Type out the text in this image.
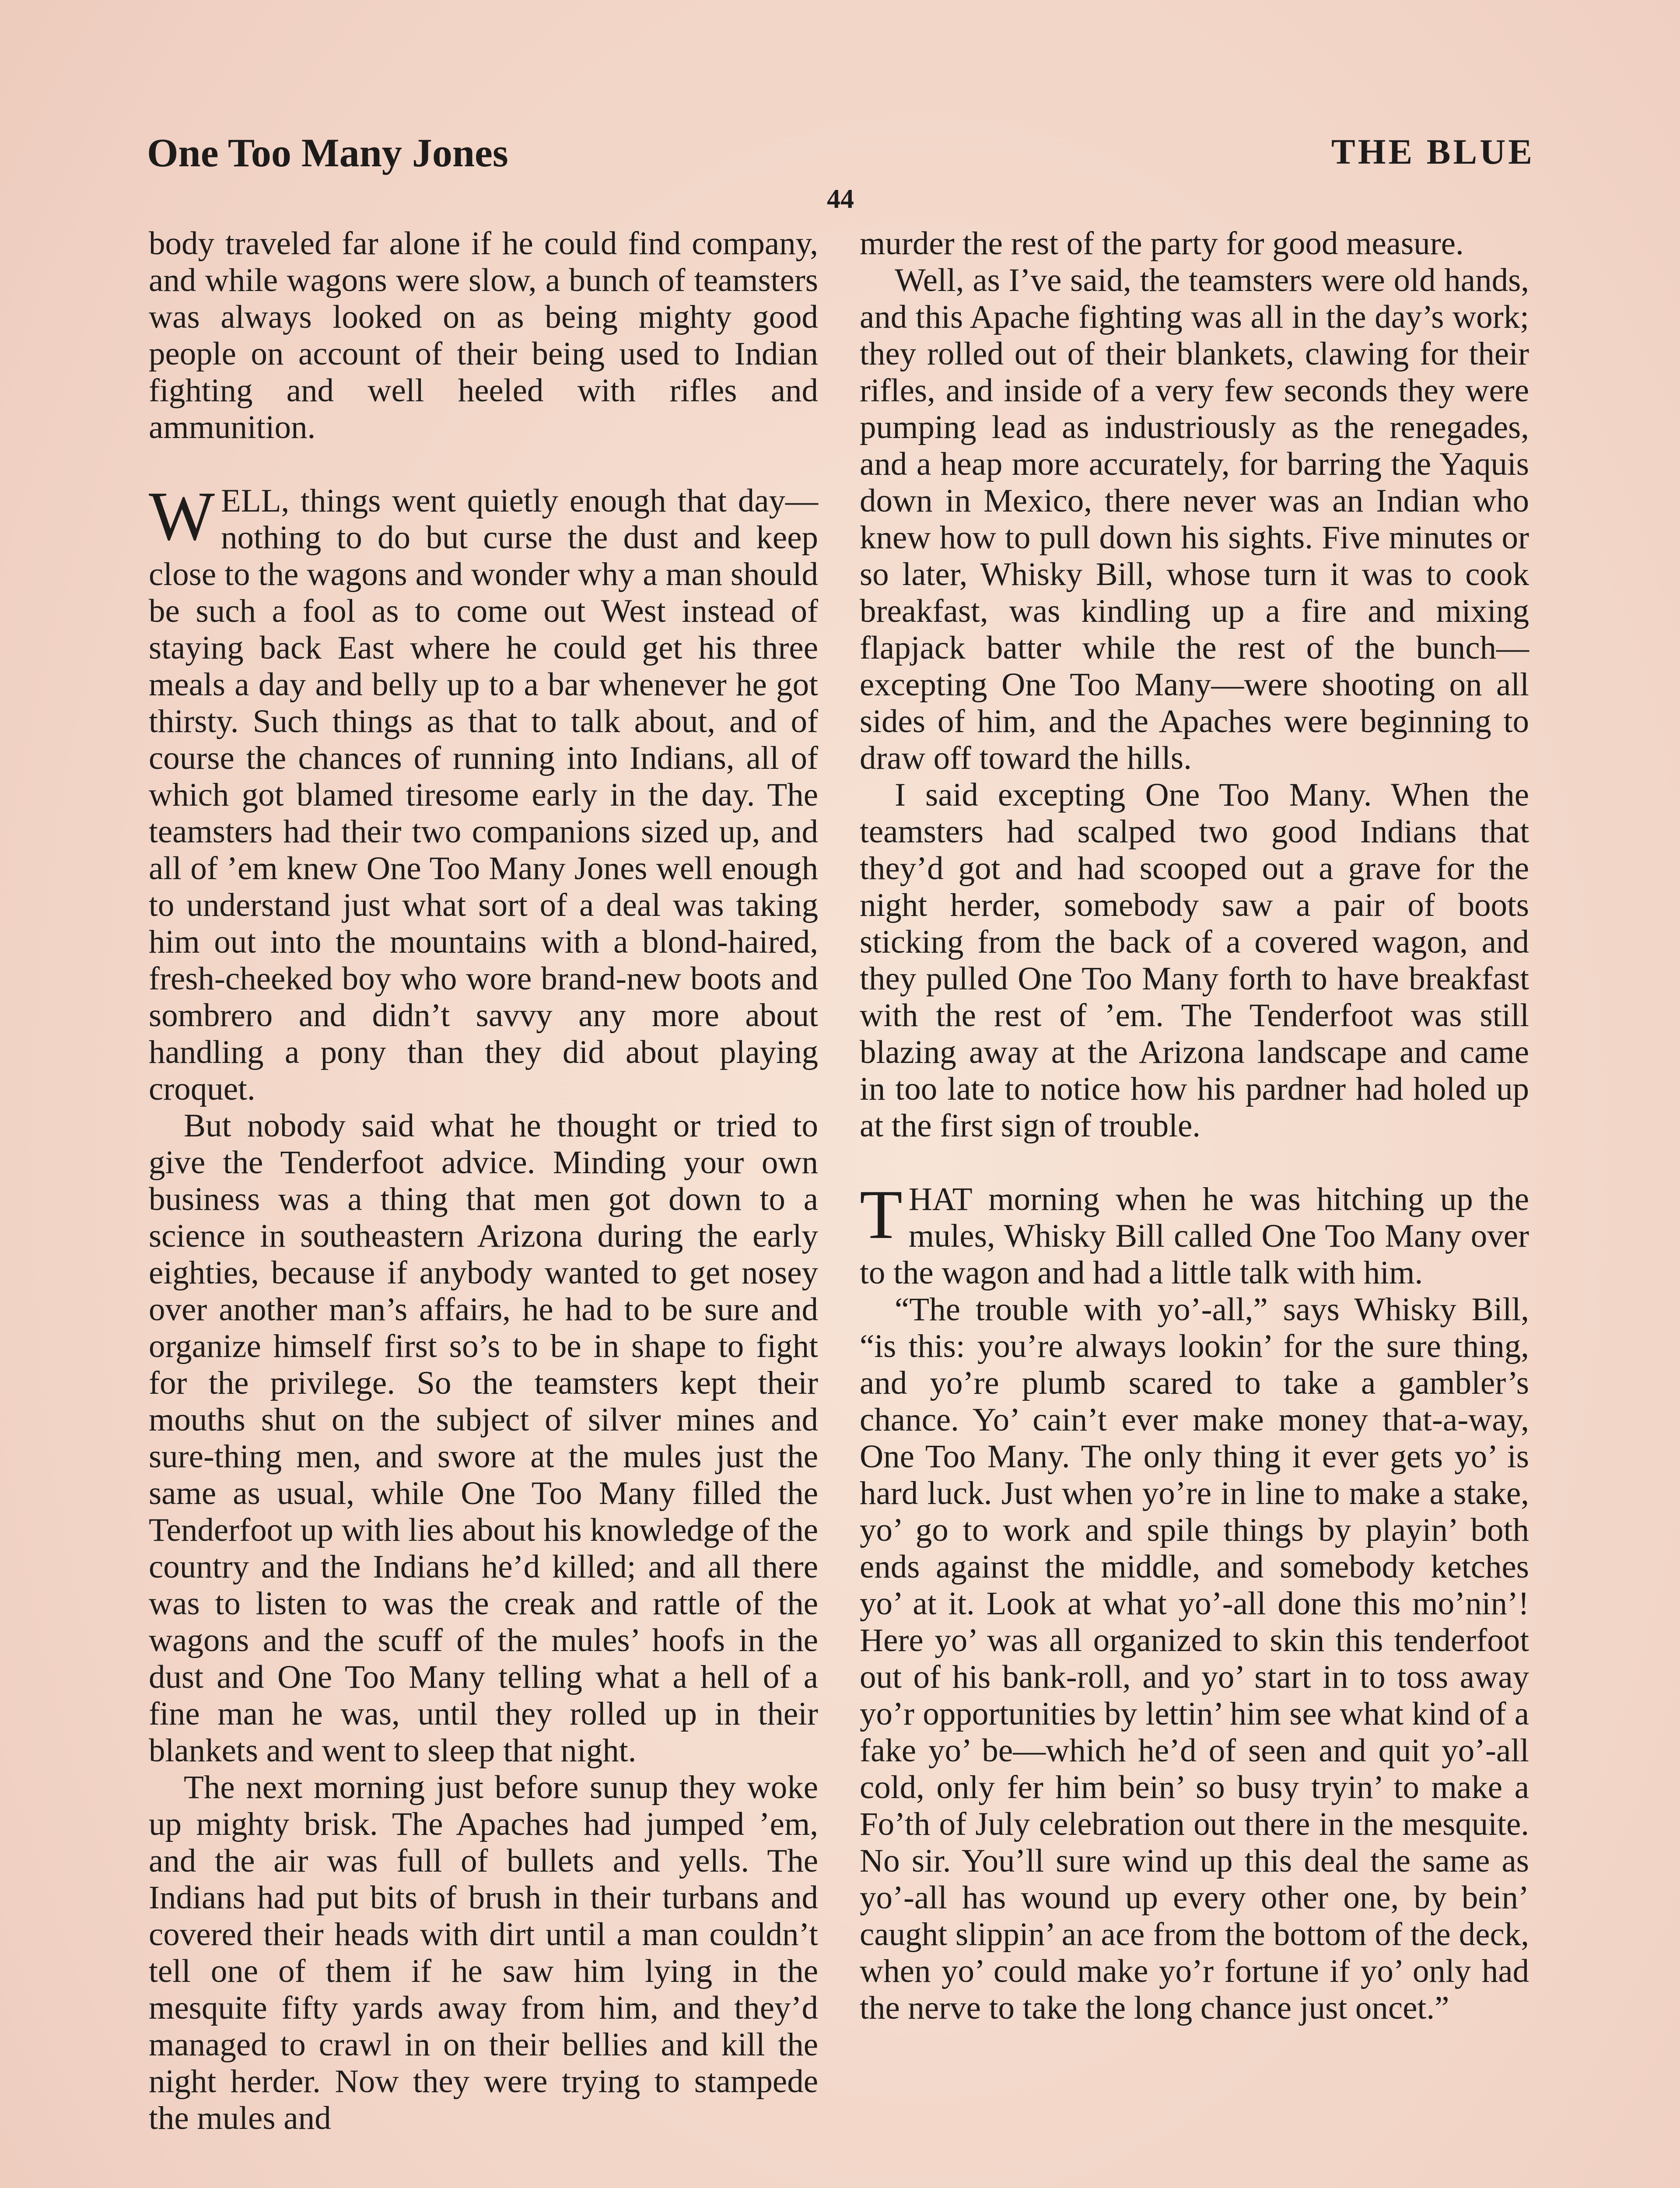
One Too Many Jones	THE BLUE
44

body traveled far alone if he could find company, and while wagons were slow, a bunch of teamsters was always looked on as being mighty good people on account of their being used to Indian fighting and well heeled with rifles and ammunition.

WELL, things went quietly enough that day—nothing to do but curse the dust and keep close to the wagons and wonder why a man should be such a fool as to come out West instead of staying back East where he could get his three meals a day and belly up to a bar whenever he got thirsty. Such things as that to talk about, and of course the chances of running into Indians, all of which got blamed tiresome early in the day. The teamsters had their two companions sized up, and all of ’em knew One Too Many Jones well enough to understand just what sort of a deal was taking him out into the mountains with a blond-haired, fresh-cheeked boy who wore brand-new boots and sombrero and didn’t savvy any more about handling a pony than they did about playing croquet.

But nobody said what he thought or tried to give the Tenderfoot advice. Minding your own business was a thing that men got down to a science in southeastern Arizona during the early eighties, because if anybody wanted to get nosey over another man’s affairs, he had to be sure and organize himself first so’s to be in shape to fight for the privilege. So the teamsters kept their mouths shut on the subject of silver mines and sure-thing men, and swore at the mules just the same as usual, while One Too Many filled the Tenderfoot up with lies about his knowledge of the country and the Indians he’d killed; and all there was to listen to was the creak and rattle of the wagons and the scuff of the mules’ hoofs in the dust and One Too Many telling what a hell of a fine man he was, until they rolled up in their blankets and went to sleep that night.

The next morning just before sunup they woke up mighty brisk. The Apaches had jumped ’em, and the air was full of bullets and yells. The Indians had put bits of brush in their turbans and covered their heads with dirt until a man couldn’t tell one of them if he saw him lying in the mesquite fifty yards away from him, and they’d managed to crawl in on their bellies and kill the night herder. Now they were trying to stampede the mules and

murder the rest of the party for good measure.

Well, as I’ve said, the teamsters were old hands, and this Apache fighting was all in the day’s work; they rolled out of their blankets, clawing for their rifles, and inside of a very few seconds they were pumping lead as industriously as the renegades, and a heap more accurately, for barring the Yaquis down in Mexico, there never was an Indian who knew how to pull down his sights. Five minutes or so later, Whisky Bill, whose turn it was to cook breakfast, was kindling up a fire and mixing flapjack batter while the rest of the bunch—excepting One Too Many—were shooting on all sides of him, and the Apaches were beginning to draw off toward the hills.

I said excepting One Too Many. When the teamsters had scalped two good Indians that they’d got and had scooped out a grave for the night herder, somebody saw a pair of boots sticking from the back of a covered wagon, and they pulled One Too Many forth to have breakfast with the rest of ’em. The Tenderfoot was still blazing away at the Arizona landscape and came in too late to notice how his pardner had holed up at the first sign of trouble.

THAT morning when he was hitching up the mules, Whisky Bill called One Too Many over to the wagon and had a little talk with him.

“The trouble with yo’-all,” says Whisky Bill, “is this: you’re always lookin’ for the sure thing, and yo’re plumb scared to take a gambler’s chance. Yo’ cain’t ever make money that-a-way, One Too Many. The only thing it ever gets yo’ is hard luck. Just when yo’re in line to make a stake, yo’ go to work and spile things by playin’ both ends against the middle, and somebody ketches yo’ at it. Look at what yo’-all done this mo’nin’! Here yo’ was all organized to skin this tenderfoot out of his bank-roll, and yo’ start in to toss away yo’r opportunities by lettin’ him see what kind of a fake yo’ be—which he’d of seen and quit yo’-all cold, only fer him bein’ so busy tryin’ to make a Fo’th of July celebration out there in the mesquite. No sir. You’ll sure wind up this deal the same as yo’-all has wound up every other one, by bein’ caught slippin’ an ace from the bottom of the deck, when yo’ could make yo’r fortune if yo’ only had the nerve to take the long chance just oncet.”
